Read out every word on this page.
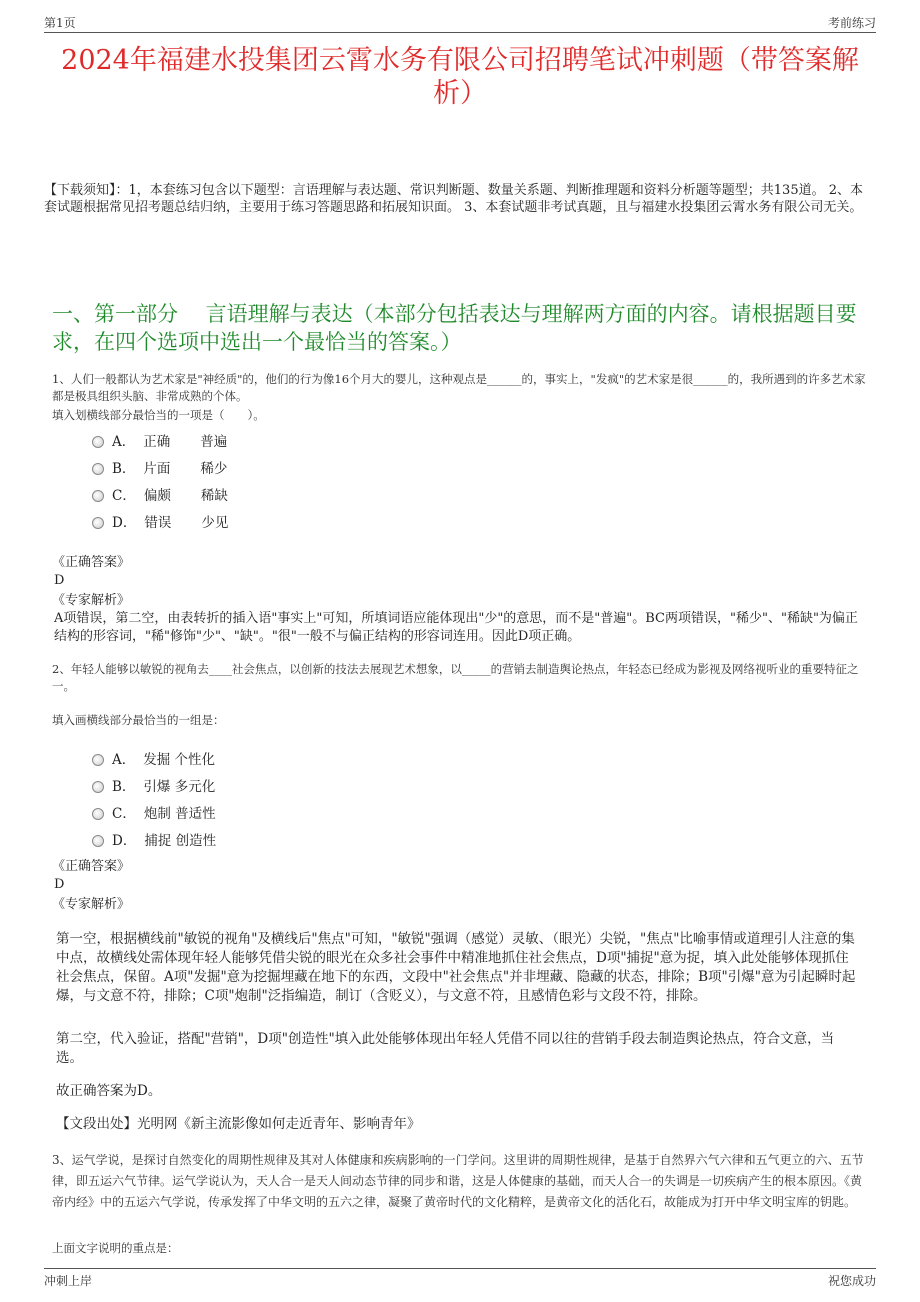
第1页	考前练习
2024年福建水投集团云霄水务有限公司招聘笔试冲刺题（带答案解析）
【下载须知】：1，本套练习包含以下题型：言语理解与表达题、常识判断题、数量关系题、判断推理题和资料分析题等题型；共135道。 2、本套试题根据常见招考题总结归纳，主要用于练习答题思路和拓展知识面。 3、本套试题非考试真题，且与福建水投集团云霄水务有限公司无关。
一、第一部分　 言语理解与表达（本部分包括表达与理解两方面的内容。请根据题目要求，在四个选项中选出一个最恰当的答案。）
1、人们一般都认为艺术家是"神经质"的，他们的行为像16个月大的婴儿，这种观点是______的，事实上，"发疯"的艺术家是很______的，我所遇到的许多艺术家都是极具组织头脑、非常成熟的个体。
填入划横线部分最恰当的一项是（　　）。
A． 正确 普遍
B． 片面 稀少
C． 偏颇 稀缺
D． 错误 少见
《正确答案》
D
《专家解析》
A项错误，第二空，由表转折的插入语"事实上"可知，所填词语应能体现出"少"的意思，而不是"普遍"。BC两项错误，"稀少"、"稀缺"为偏正结构的形容词，"稀"修饰"少"、"缺"。"很"一般不与偏正结构的形容词连用。因此D项正确。
2、年轻人能够以敏锐的视角去____社会焦点，以创新的技法去展现艺术想象，以_____的营销去制造舆论热点，年轻态已经成为影视及网络视听业的重要特征之一。
填入画横线部分最恰当的一组是：
A． 发掘 个性化
B． 引爆 多元化
C． 炮制 普适性
D． 捕捉 创造性
《正确答案》
D
《专家解析》
第一空，根据横线前"敏锐的视角"及横线后"焦点"可知，"敏锐"强调（感觉）灵敏、（眼光）尖锐，"焦点"比喻事情或道理引人注意的集中点，故横线处需体现年轻人能够凭借尖锐的眼光在众多社会事件中精准地抓住社会焦点，D项"捕捉"意为捉，填入此处能够体现抓住社会焦点，保留。A项"发掘"意为挖掘埋藏在地下的东西，文段中"社会焦点"并非埋藏、隐藏的状态，排除；B项"引爆"意为引起瞬时起爆，与文意不符，排除；C项"炮制"泛指编造，制订（含贬义），与文意不符，且感情色彩与文段不符，排除。
第二空，代入验证，搭配"营销"，D项"创造性"填入此处能够体现出年轻人凭借不同以往的营销手段去制造舆论热点，符合文意，当选。
故正确答案为D。
【文段出处】光明网《新主流影像如何走近青年、影响青年》
3、运气学说，是探讨自然变化的周期性规律及其对人体健康和疾病影响的一门学问。这里讲的周期性规律，是基于自然界六气六律和五气更立的六、五节律，即五运六气节律。运气学说认为，天人合一是天人间动态节律的同步和谐，这是人体健康的基础，而天人合一的失调是一切疾病产生的根本原因。《黄帝内经》中的五运六气学说，传承发挥了中华文明的五六之律，凝聚了黄帝时代的文化精粹，是黄帝文化的活化石，故能成为打开中华文明宝库的钥匙。
上面文字说明的重点是：
冲刺上岸	祝您成功
